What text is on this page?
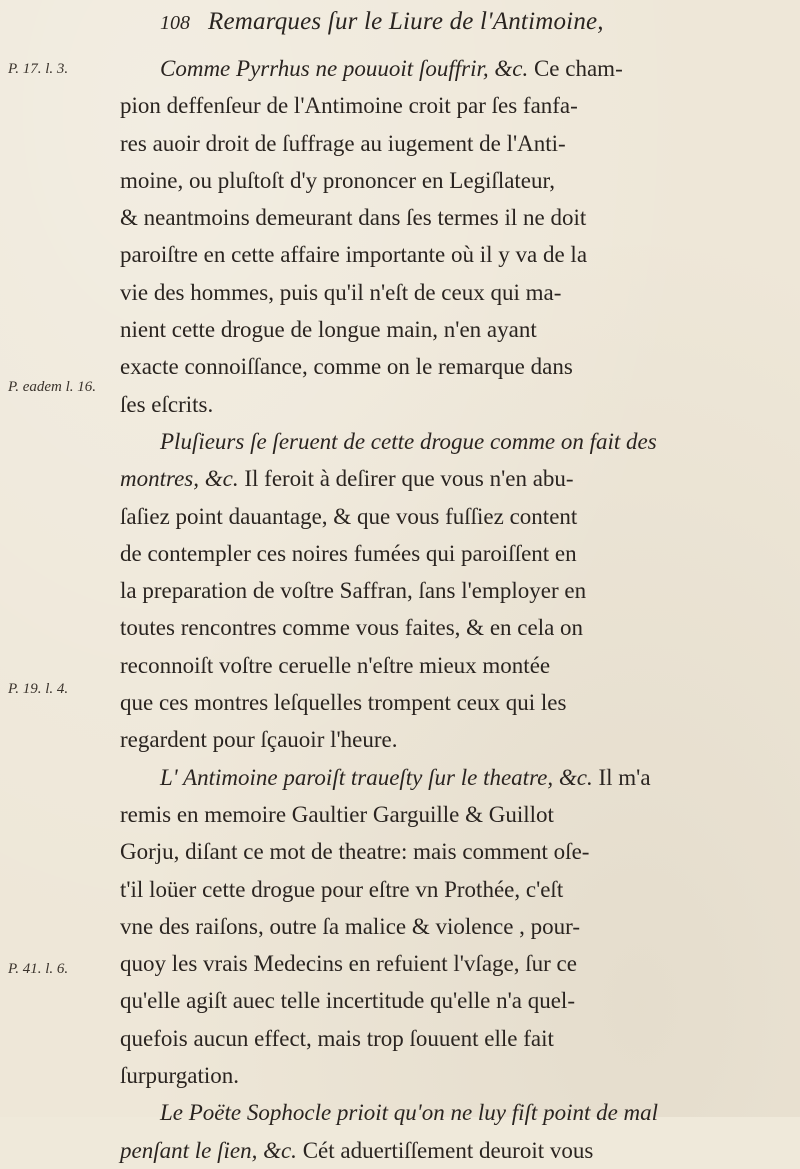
108 Remarques ſur le Liure de l'Antimoine,
P. 17. l. 3.
P. eadem l. 16.
P. 19. l. 4.
P. 41. l. 6.
Comme Pyrrhus ne pouuoit ſouffrir, &c. Ce cham-
pion deffenſeur de l'Antimoine croit par ſes fanfa-
res auoir droit de ſuffrage au iugement de l'Anti-
moine, ou pluſtoſt d'y prononcer en Legiſlateur,
& neantmoins demeurant dans ſes termes il ne doit
paroiſtre en cette affaire importante où il y va de la
vie des hommes, puis qu'il n'eſt de ceux qui ma-
nient cette drogue de longue main, n'en ayant
exacte connoiſſance, comme on le remarque dans
ſes eſcrits.
Pluſieurs ſe ſeruent de cette drogue comme on fait des
montres, &c. Il feroit à deſirer que vous n'en abu-
ſaſiez point dauantage, & que vous fuſſiez content
de contempler ces noires fumées qui paroiſſent en
la preparation de voſtre Saffran, ſans l'employer en
toutes rencontres comme vous faites, & en cela on
reconnoiſt voſtre ceruelle n'eſtre mieux montée
que ces montres leſquelles trompent ceux qui les
regardent pour ſçauoir l'heure.
L' Antimoine paroiſt traueſty ſur le theatre, &c. Il m'a
remis en memoire Gaultier Garguille & Guillot
Gorju, diſant ce mot de theatre: mais comment oſe-
t'il loüer cette drogue pour eſtre vn Prothée, c'eſt
vne des raiſons, outre ſa malice & violence , pour-
quoy les vrais Medecins en refuient l'vſage, ſur ce
qu'elle agiſt auec telle incertitude qu'elle n'a quel-
quefois aucun effect, mais trop ſouuent elle fait
ſurpurgation.
Le Poëte Sophocle prioit qu'on ne luy fiſt point de mal
penſant le ſien, &c. Cét aduertiſſement deuroit vous
